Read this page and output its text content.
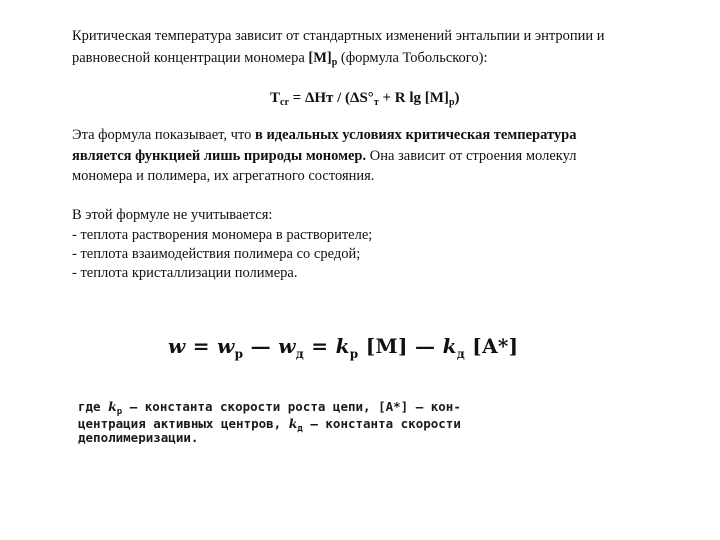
Критическая температура зависит от стандартных изменений энтальпии и энтропии и
равновесной концентрации мономера $[M]_p$ (формула Тобольского):
$T_{cr} = \Delta Hт / (\Delta S^\circ_т + R$ $\lg [M]_p$)
Эта формула показывает, что в идеальных условиях критическая температура
является функцией лишь природы мономер. Она зависит от строения молекул
мономера и полимера, их агрегатного состояния.
В этой формуле не учитывается:
- теплота растворения мономера в растворителе;
- теплота взаимодействия полимера со средой;
- теплота кристаллизации полимера.
$w = w_p$ — $w_д = k_p$ [M] — $k_д$ [A*]
где $k_p$ — константа скорости роста цепи, [A*] — кон-
центрация активных центров, $k_д$ — константа скорости
деполимеризации.
